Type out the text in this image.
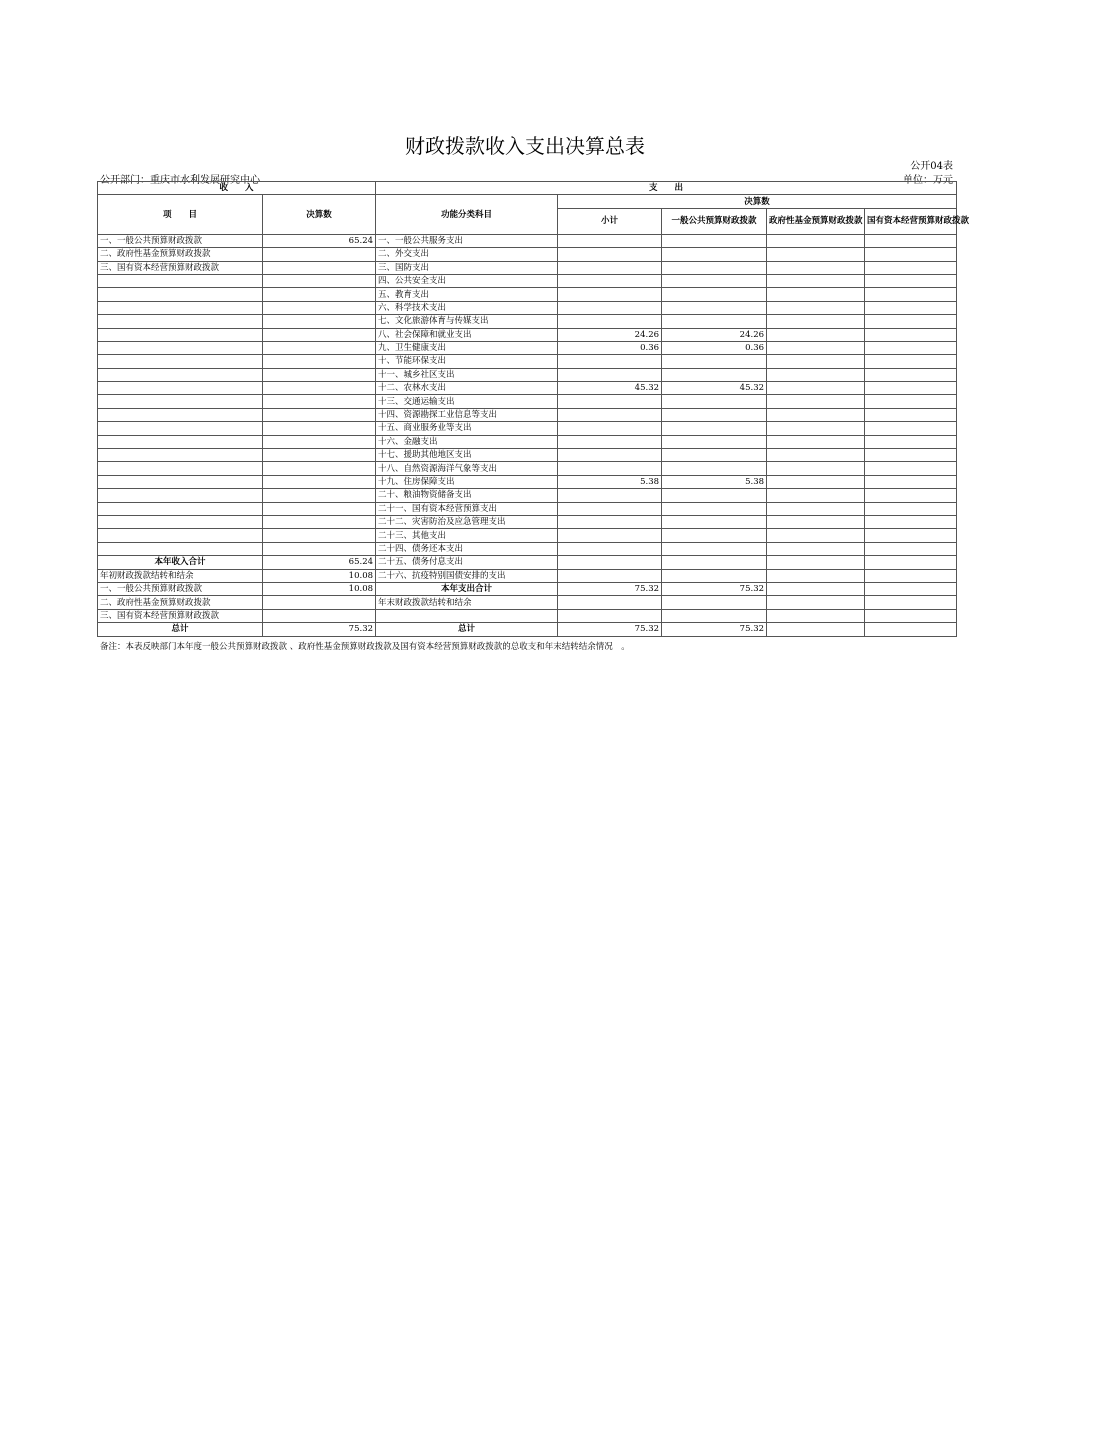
财政拨款收入支出决算总表
公开04表
公开部门：重庆市水利发展研究中心	单位：万元
收　　入		支　　出				
项　　目	决算数	功能分类科目	决算数			
			小计	一般公共预算财政拨款	政府性基金预算财政拨款	国有资本经营预算财政拨款
一、一般公共预算财政拨款	65.24	一、一般公共服务支出				
二、政府性基金预算财政拨款		二、外交支出				
三、国有资本经营预算财政拨款		三、国防支出				
		四、公共安全支出				
		五、教育支出				
		六、科学技术支出				
		七、文化旅游体育与传媒支出				
		八、社会保障和就业支出	24.26	24.26		
		九、卫生健康支出	0.36	0.36		
		十、节能环保支出				
		十一、城乡社区支出				
		十二、农林水支出	45.32	45.32		
		十三、交通运输支出				
		十四、资源勘探工业信息等支出				
		十五、商业服务业等支出				
		十六、金融支出				
		十七、援助其他地区支出				
		十八、自然资源海洋气象等支出				
		十九、住房保障支出	5.38	5.38		
		二十、粮油物资储备支出				
		二十一、国有资本经营预算支出				
		二十二、灾害防治及应急管理支出				
		二十三、其他支出				
		二十四、债务还本支出				
本年收入合计	65.24	二十五、债务付息支出				
年初财政拨款结转和结余	10.08	二十六、抗疫特别国债安排的支出				
一、一般公共预算财政拨款	10.08	本年支出合计	75.32	75.32		
二、政府性基金预算财政拨款		年末财政拨款结转和结余				
三、国有资本经营预算财政拨款						
总计	75.32	总计	75.32	75.32		
备注：本表反映部门本年度一般公共预算财政拨款 、政府性基金预算财政拨款及国有资本经营预算财政拨款的总收支和年末结转结余情况　。
